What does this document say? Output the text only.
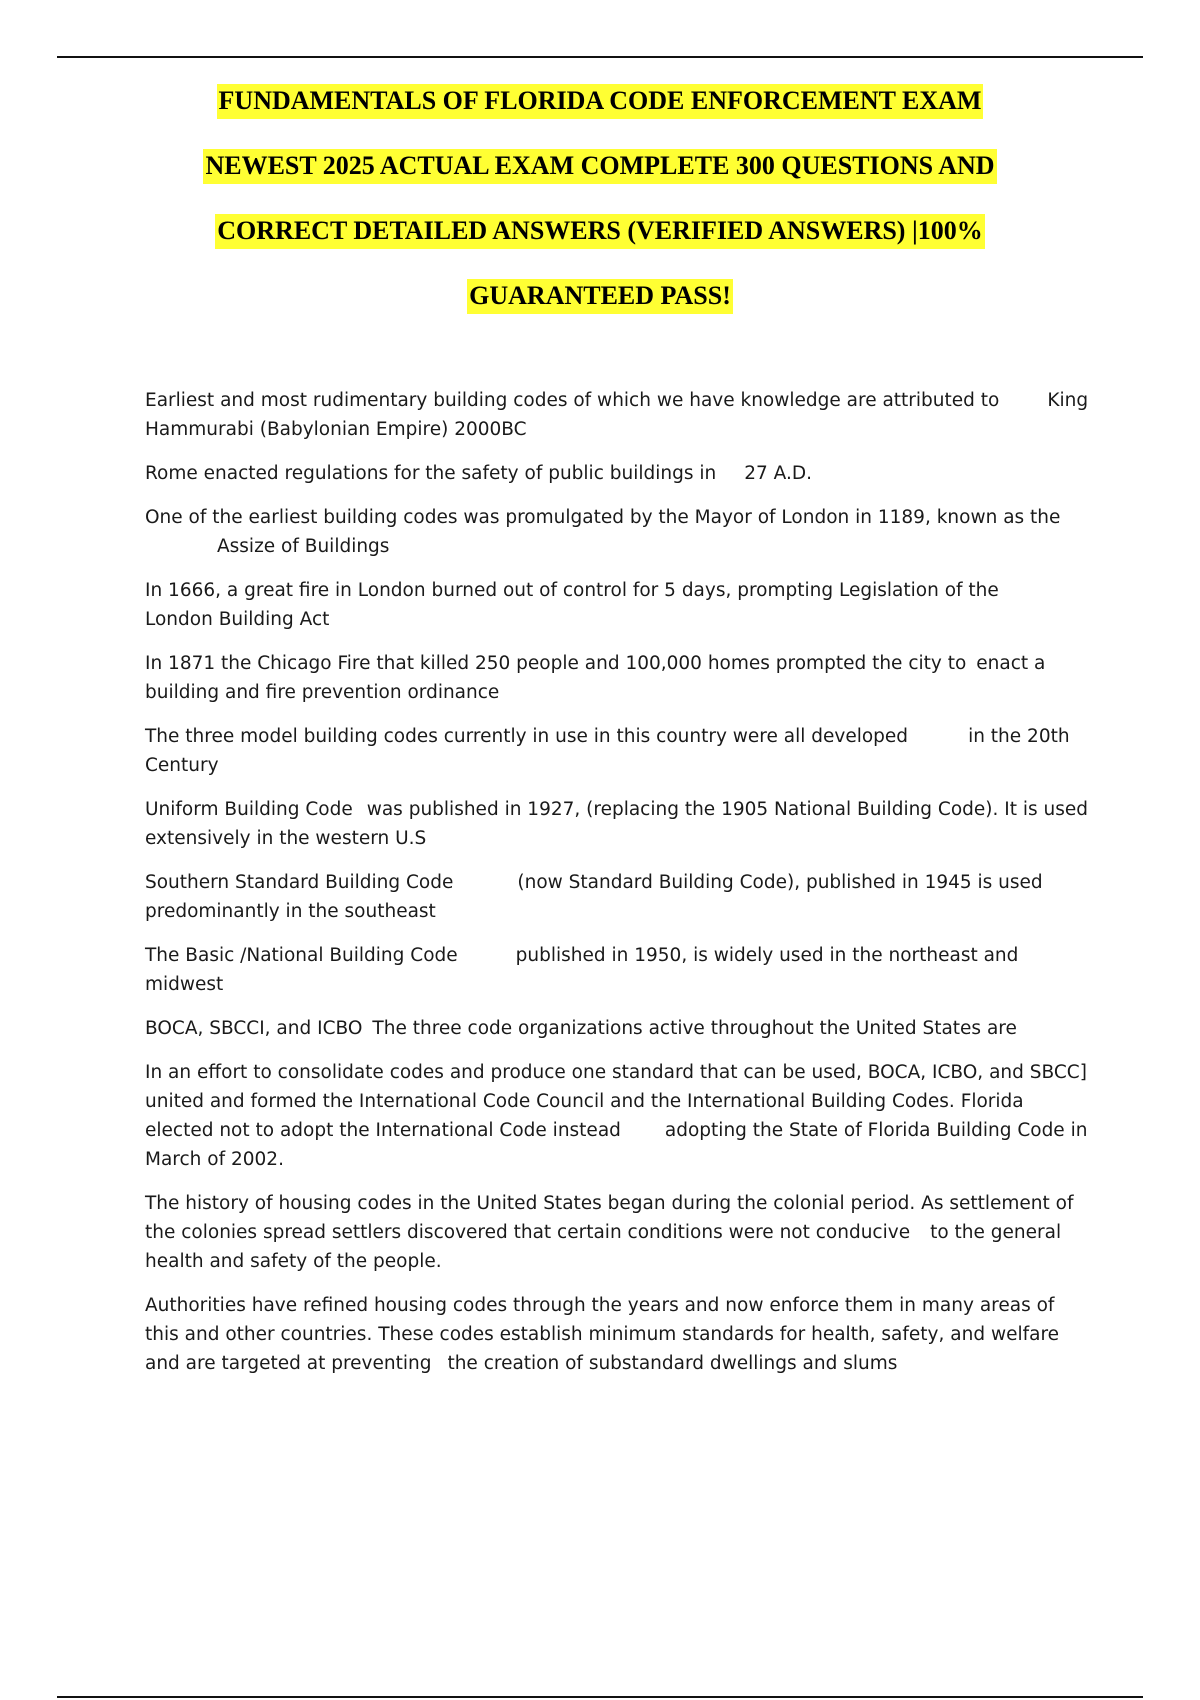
FUNDAMENTALS OF FLORIDA CODE ENFORCEMENT EXAM
NEWEST 2025 ACTUAL EXAM COMPLETE 300 QUESTIONS AND
CORRECT DETAILED ANSWERS (VERIFIED ANSWERS) |100%
GUARANTEED PASS!

Earliest and most rudimentary building codes of which we have knowledge are attributed to	King Hammurabi (Babylonian Empire) 2000BC

Rome enacted regulations for the safety of public buildings in 27 A.D.

One of the earliest building codes was promulgated by the Mayor of London in 1189, known as the
Assize of Buildings

In 1666, a great fire in London burned out of control for 5 days, prompting Legislation of theLondon Building Act

In 1871 the Chicago Fire that killed 250 people and 100,000 homes prompted the city to enact a building and fire prevention ordinance

The three model building codes currently in use in this country were all developed	in the 20th Century

Uniform Building Code was published in 1927, (replacing the 1905 National Building Code). It is used extensively in the western U.S

Southern Standard Building Code	(now Standard Building Code), published in 1945 is used predominantly in the southeast

The Basic /National Building Code	published in 1950, is widely used in the northeast and midwest

BOCA, SBCCI, and ICBO The three code organizations active throughout the United States are

In an effort to consolidate codes and produce one standard that can be used, BOCA, ICBO, and SBCC] united and formed the International Code Council and the International Building Codes. Florida elected not to adopt the International Code instead adopting the State of Florida Building Code in March of 2002.

The history of housing codes in the United States began during the colonial period. As settlement of the colonies spread settlers discovered that certain conditions were not conducive to the general health and safety of the people.

Authorities have refined housing codes through the years and now enforce them in many areas of this and other countries. These codes establish minimum standards for health, safety, and welfare and are targeted at preventing the creation of substandard dwellings and slums
